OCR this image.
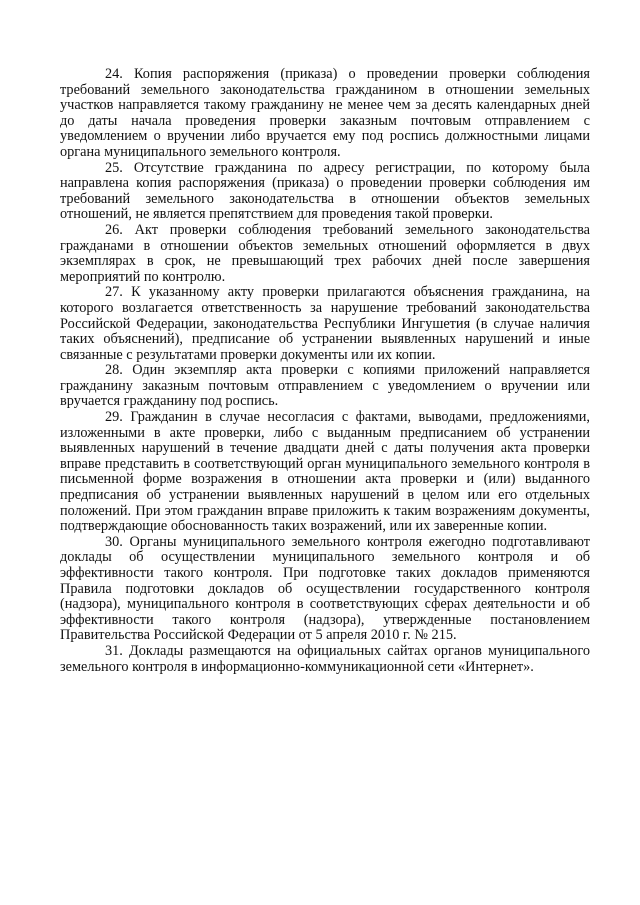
24. Копия распоряжения (приказа) о проведении проверки соблюдения требований земельного законодательства гражданином в отношении земельных участков направляется такому гражданину не менее чем за десять календарных дней до даты начала проведения проверки заказным почтовым отправлением с уведомлением о вручении либо вручается ему под роспись должностными лицами органа муниципального земельного контроля.

25. Отсутствие гражданина по адресу регистрации, по которому была направлена копия распоряжения (приказа) о проведении проверки соблюдения им требований земельного законодательства в отношении объектов земельных отношений, не является препятствием для проведения такой проверки.

26. Акт проверки соблюдения требований земельного законодательства гражданами в отношении объектов земельных отношений оформляется в двух экземплярах в срок, не превышающий трех рабочих дней после завершения мероприятий по контролю.

27. К указанному акту проверки прилагаются объяснения гражданина, на которого возлагается ответственность за нарушение требований законодательства Российской Федерации, законодательства Республики Ингушетия (в случае наличия таких объяснений), предписание об устранении выявленных нарушений и иные связанные с результатами проверки документы или их копии.

28. Один экземпляр акта проверки с копиями приложений направляется гражданину заказным почтовым отправлением с уведомлением о вручении или вручается гражданину под роспись.

29. Гражданин в случае несогласия с фактами, выводами, предложениями, изложенными в акте проверки, либо с выданным предписанием об устранении выявленных нарушений в течение двадцати дней с даты получения акта проверки вправе представить в соответствующий орган муниципального земельного контроля в письменной форме возражения в отношении акта проверки и (или) выданного предписания об устранении выявленных нарушений в целом или его отдельных положений. При этом гражданин вправе приложить к таким возражениям документы, подтверждающие обоснованность таких возражений, или их заверенные копии.

30. Органы муниципального земельного контроля ежегодно подготавливают доклады об осуществлении муниципального земельного контроля и об эффективности такого контроля. При подготовке таких докладов применяются Правила подготовки докладов об осуществлении государственного контроля (надзора), муниципального контроля в соответствующих сферах деятельности и об эффективности такого контроля (надзора), утвержденные постановлением Правительства Российской Федерации от 5 апреля 2010 г. № 215.

31. Доклады размещаются на официальных сайтах органов муниципального земельного контроля в информационно-коммуникационной сети «Интернет».
